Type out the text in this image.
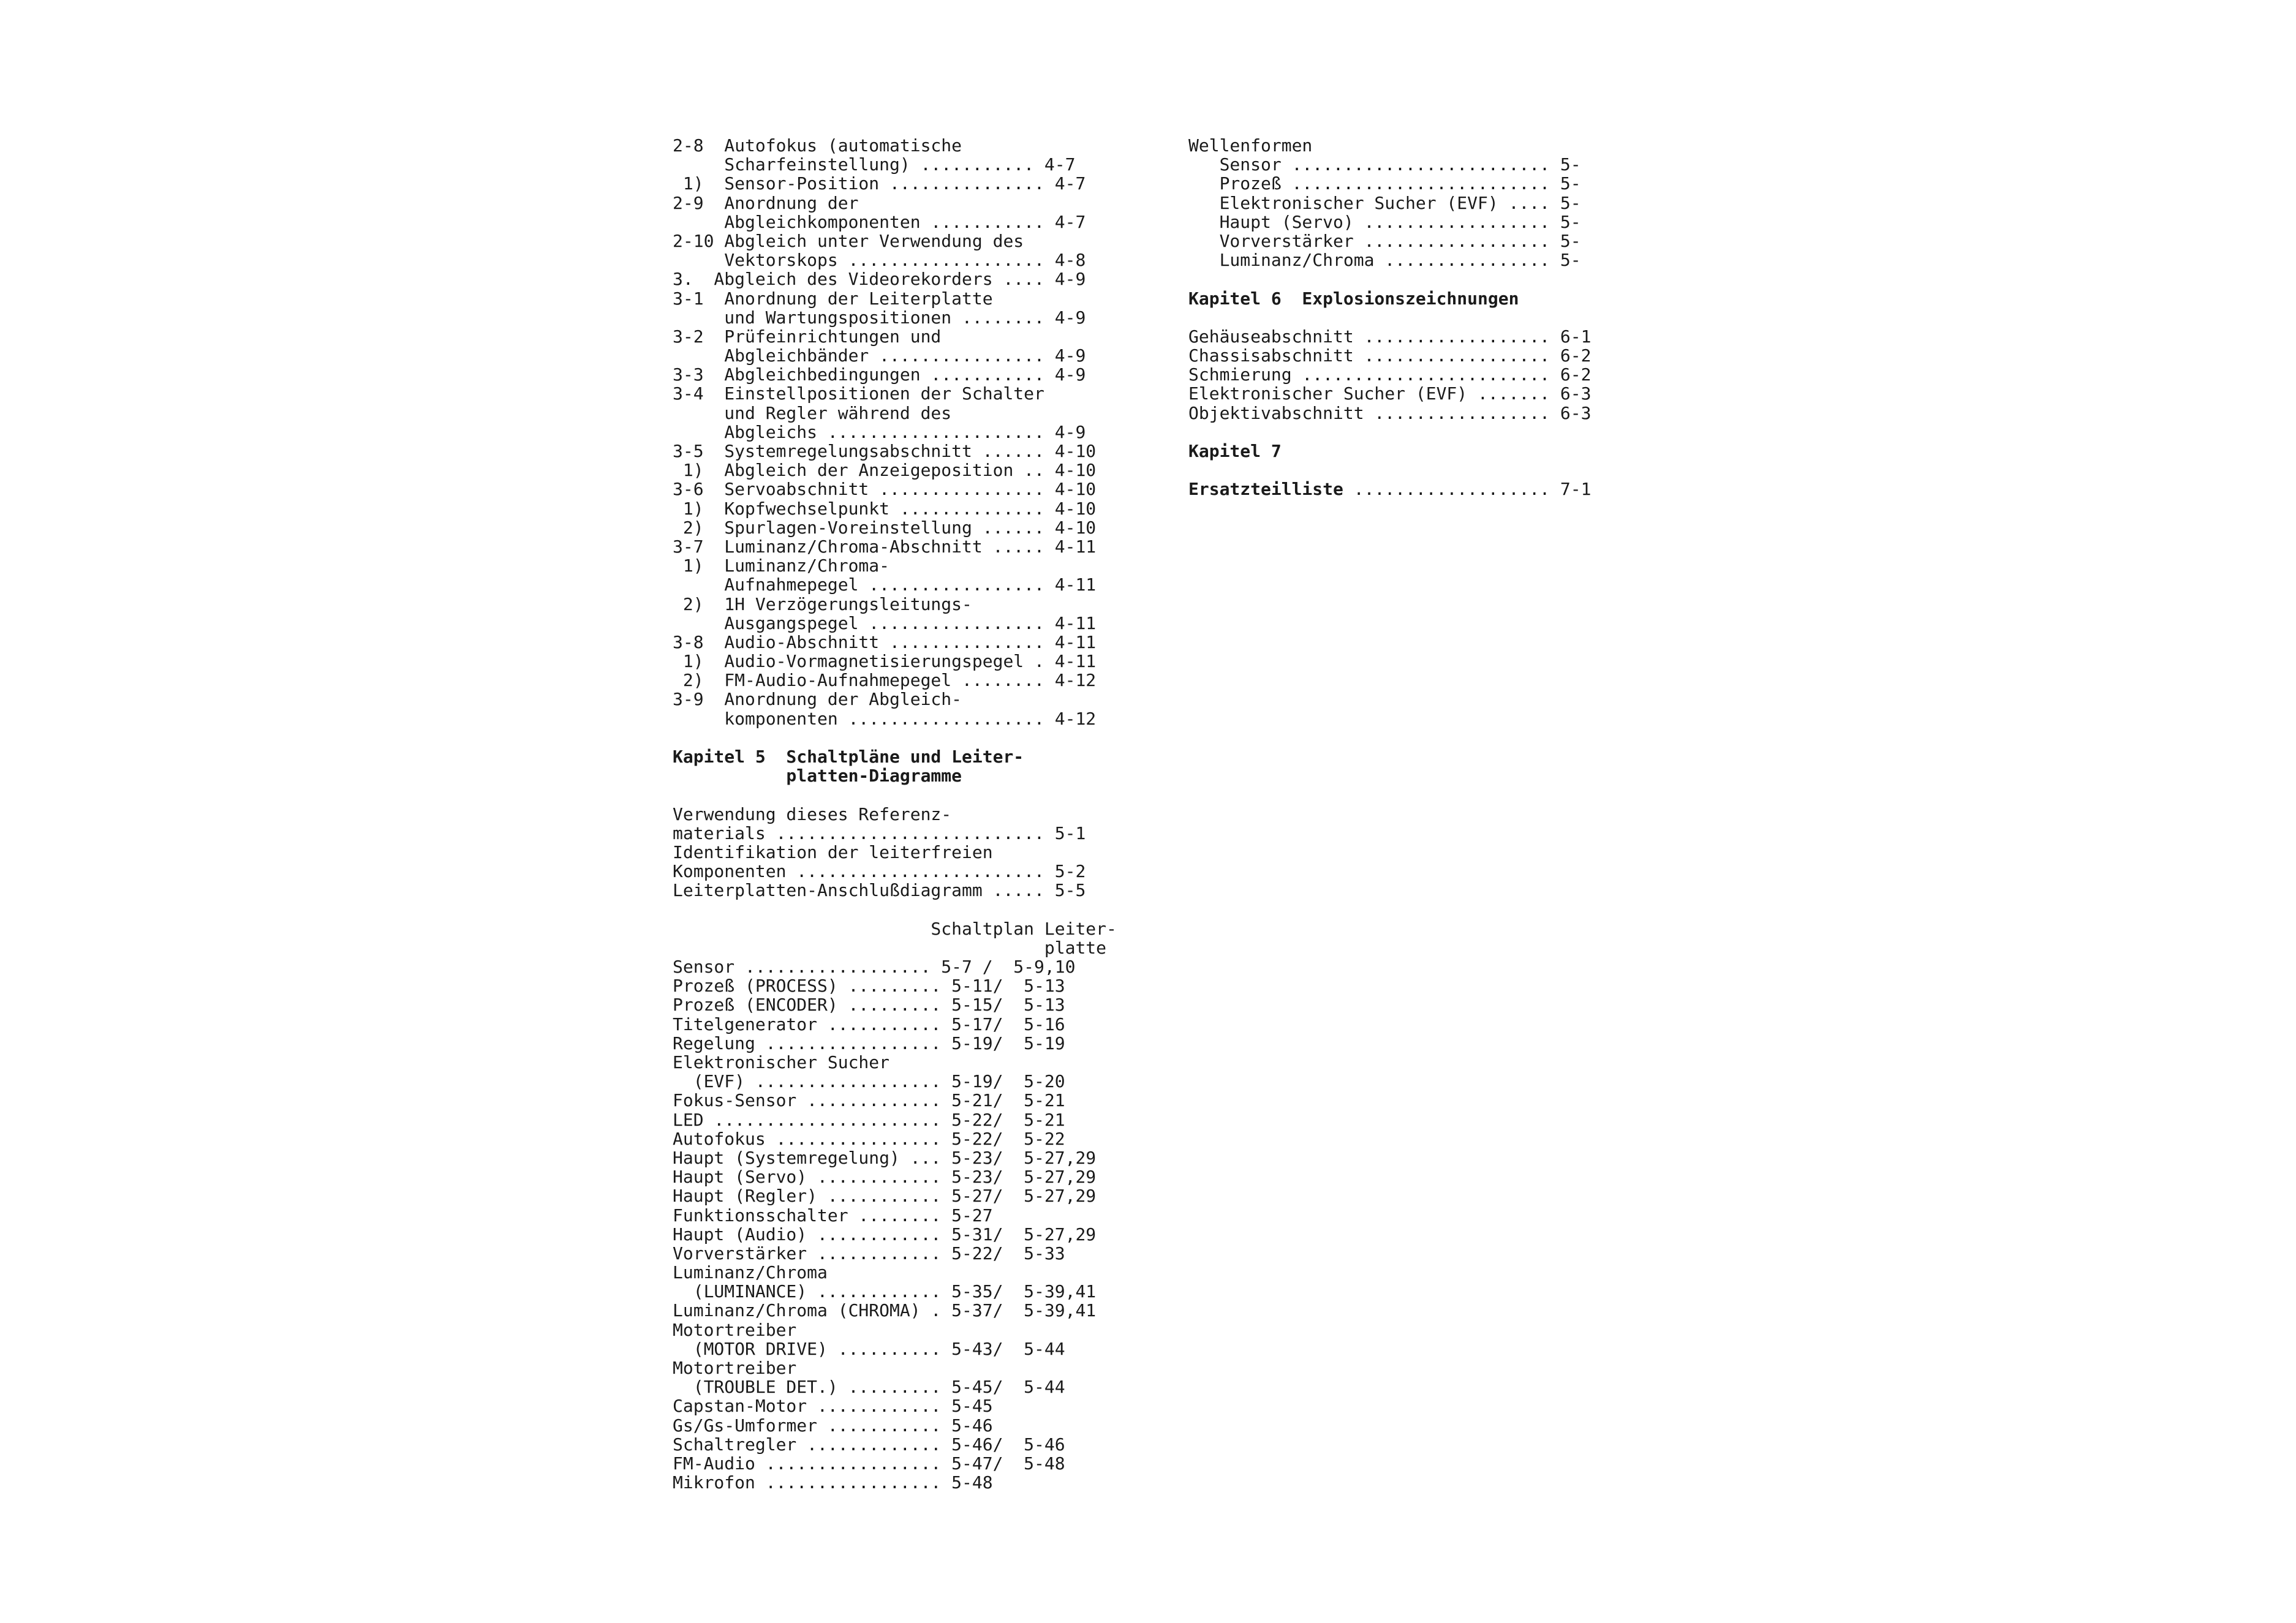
2-8  Autofokus (automatische
Scharfeinstellung) ........... 4-7
1)  Sensor-Position ............... 4-7
2-9  Anordnung der
Abgleichkomponenten ........... 4-7
2-10 Abgleich unter Verwendung des
Vektorskops ................... 4-8
3.  Abgleich des Videorekorders .... 4-9
3-1  Anordnung der Leiterplatte
und Wartungspositionen ........ 4-9
3-2  Prüfeinrichtungen und
Abgleichbänder ................ 4-9
3-3  Abgleichbedingungen ........... 4-9
3-4  Einstellpositionen der Schalter
und Regler während des
Abgleichs ..................... 4-9
3-5  Systemregelungsabschnitt ...... 4-10
1)  Abgleich der Anzeigeposition .. 4-10
3-6  Servoabschnitt ................ 4-10
1)  Kopfwechselpunkt .............. 4-10
2)  Spurlagen-Voreinstellung ...... 4-10
3-7  Luminanz/Chroma-Abschnitt ..... 4-11
1)  Luminanz/Chroma-
Aufnahmepegel ................. 4-11
2)  1H Verzögerungsleitungs-
Ausgangspegel ................. 4-11
3-8  Audio-Abschnitt ............... 4-11
1)  Audio-Vormagnetisierungspegel . 4-11
2)  FM-Audio-Aufnahmepegel ........ 4-12
3-9  Anordnung der Abgleich-
komponenten ................... 4-12
Kapitel 5  Schaltpläne und Leiter-
platten-Diagramme
Verwendung dieses Referenz-
materials .......................... 5-1
Identifikation der leiterfreien
Komponenten ........................ 5-2
Leiterplatten-Anschlußdiagramm ..... 5-5
Schaltplan Leiter-
platte
Sensor .................. 5-7 /  5-9,10
Prozeß (PROCESS) ......... 5-11/  5-13
Prozeß (ENCODER) ......... 5-15/  5-13
Titelgenerator ........... 5-17/  5-16
Regelung ................. 5-19/  5-19
Elektronischer Sucher
(EVF) .................. 5-19/  5-20
Fokus-Sensor ............. 5-21/  5-21
LED ...................... 5-22/  5-21
Autofokus ................ 5-22/  5-22
Haupt (Systemregelung) ... 5-23/  5-27,29
Haupt (Servo) ............ 5-23/  5-27,29
Haupt (Regler) ........... 5-27/  5-27,29
Funktionsschalter ........ 5-27
Haupt (Audio) ............ 5-31/  5-27,29
Vorverstärker ............ 5-22/  5-33
Luminanz/Chroma
(LUMINANCE) ............ 5-35/  5-39,41
Luminanz/Chroma (CHROMA) . 5-37/  5-39,41
Motortreiber
(MOTOR DRIVE) .......... 5-43/  5-44
Motortreiber
(TROUBLE DET.) ......... 5-45/  5-44
Capstan-Motor ............ 5-45
Gs/Gs-Umformer ........... 5-46
Schaltregler ............. 5-46/  5-46
FM-Audio ................. 5-47/  5-48
Mikrofon ................. 5-48
Wellenformen
Sensor ......................... 5-
Prozeß ......................... 5-
Elektronischer Sucher (EVF) .... 5-
Haupt (Servo) .................. 5-
Vorverstärker .................. 5-
Luminanz/Chroma ................ 5-
Kapitel 6  Explosionszeichnungen
Gehäuseabschnitt .................. 6-1
Chassisabschnitt .................. 6-2
Schmierung ........................ 6-2
Elektronischer Sucher (EVF) ....... 6-3
Objektivabschnitt ................. 6-3
Kapitel 7
Ersatzteilliste ................... 7-1
